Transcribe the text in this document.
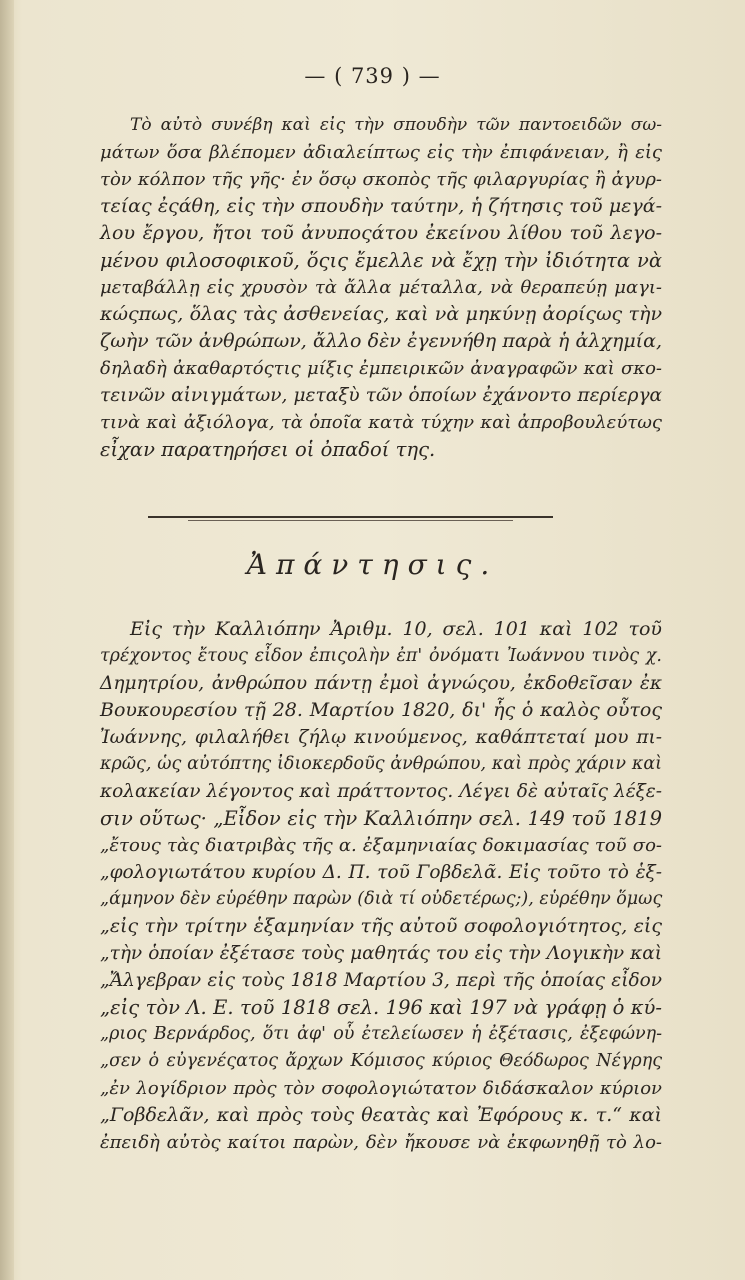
— ( 739 ) —
Τὸ αὐτὸ συνέβη καὶ εἰς τὴν σπουδὴν τῶν παντοειδῶν σω-
μάτων ὅσα βλέπομεν ἀδιαλείπτως εἰς τὴν ἐπιφάνειαν, ἢ εἰς
τὸν κόλπον τῆς γῆς· ἐν ὅσῳ σκοπὸς τῆς φιλαργυρίας ἢ ἀγυρ-
τείας ἐςάθη, εἰς τὴν σπουδὴν ταύτην, ἡ ζήτησις τοῦ μεγά-
λου ἔργου, ἤτοι τοῦ ἀνυποςάτου ἐκείνου λίθου τοῦ λεγο-
μένου φιλοσοφικοῦ, ὅςις ἔμελλε νὰ ἔχῃ τὴν ἰδιότητα νὰ
μεταβάλλῃ εἰς χρυσὸν τὰ ἄλλα μέταλλα, νὰ θεραπεύῃ μαγι-
κώςπως, ὅλας τὰς ἀσθενείας, καὶ νὰ μηκύνῃ ἀορίςως τὴν
ζωὴν τῶν ἀνθρώπων, ἄλλο δὲν ἐγεννήθη παρὰ ἡ ἀλχημία,
δηλαδὴ ἀκαθαρτόςτις μίξις ἐμπειρικῶν ἀναγραφῶν καὶ σκο-
τεινῶν αἰνιγμάτων, μεταξὺ τῶν ὁποίων ἐχάνοντο περίεργα
τινὰ καὶ ἀξιόλογα, τὰ ὁποῖα κατὰ τύχην καὶ ἀπροβουλεύτως
εἶχαν παρατηρήσει οἱ ὀπαδοί της.
Ἀπάντησις.
Εἰς τὴν Καλλιόπην Ἀριθμ. 10, σελ. 101 καὶ 102 τοῦ
τρέχοντος ἔτους εἶδον ἐπιςολὴν ἐπ' ὀνόματι Ἰωάννου τινὸς χ.
Δημητρίου, ἀνθρώπου πάντῃ ἐμοὶ ἀγνώςου, ἐκδοθεῖσαν ἐκ
Βουκουρεσίου τῇ 28. Μαρτίου 1820, δι' ἧς ὁ καλὸς οὗτος
Ἰωάννης, φιλαλήθει ζήλῳ κινούμενος, καθάπτεταί μου πι-
κρῶς, ὡς αὐτόπτης ἰδιοκερδοῦς ἀνθρώπου, καὶ πρὸς χάριν καὶ
κολακείαν λέγοντος καὶ πράττοντος. Λέγει δὲ αὐταῖς λέξε-
σιν οὕτως· „Εἶδον εἰς τὴν Καλλιόπην σελ. 149 τοῦ 1819
„ἔτους τὰς διατριβὰς τῆς α. ἐξαμηνιαίας δοκιμασίας τοῦ σο-
„φολογιωτάτου κυρίου Δ. Π. τοῦ Γοβδελᾶ. Εἰς τοῦτο τὸ ἑξ-
„άμηνον δὲν εὑρέθην παρὼν (διὰ τί οὐδετέρως;), εὑρέθην ὅμως
„εἰς τὴν τρίτην ἑξαμηνίαν τῆς αὐτοῦ σοφολογιότητος, εἰς
„τὴν ὁποίαν ἐξέτασε τοὺς μαθητάς του εἰς τὴν Λογικὴν καὶ
„Ἄλγεβραν εἰς τοὺς 1818 Μαρτίου 3, περὶ τῆς ὁποίας εἶδον
„εἰς τὸν Λ. Ε. τοῦ 1818 σελ. 196 καὶ 197 νὰ γράφῃ ὁ κύ-
„ριος Βερνάρδος, ὅτι ἀφ' οὗ ἐτελείωσεν ἡ ἐξέτασις, ἐξεφώνη-
„σεν ὁ εὐγενέςατος ἄρχων Κόμισος κύριος Θεόδωρος Νέγρης
„ἐν λογίδριον πρὸς τὸν σοφολογιώτατον διδάσκαλον κύριον
„Γοβδελᾶν, καὶ πρὸς τοὺς θεατὰς καὶ Ἐφόρους κ. τ.“ καὶ
ἐπειδὴ αὐτὸς καίτοι παρὼν, δὲν ἤκουσε νὰ ἐκφωνηθῇ τὸ λο-
